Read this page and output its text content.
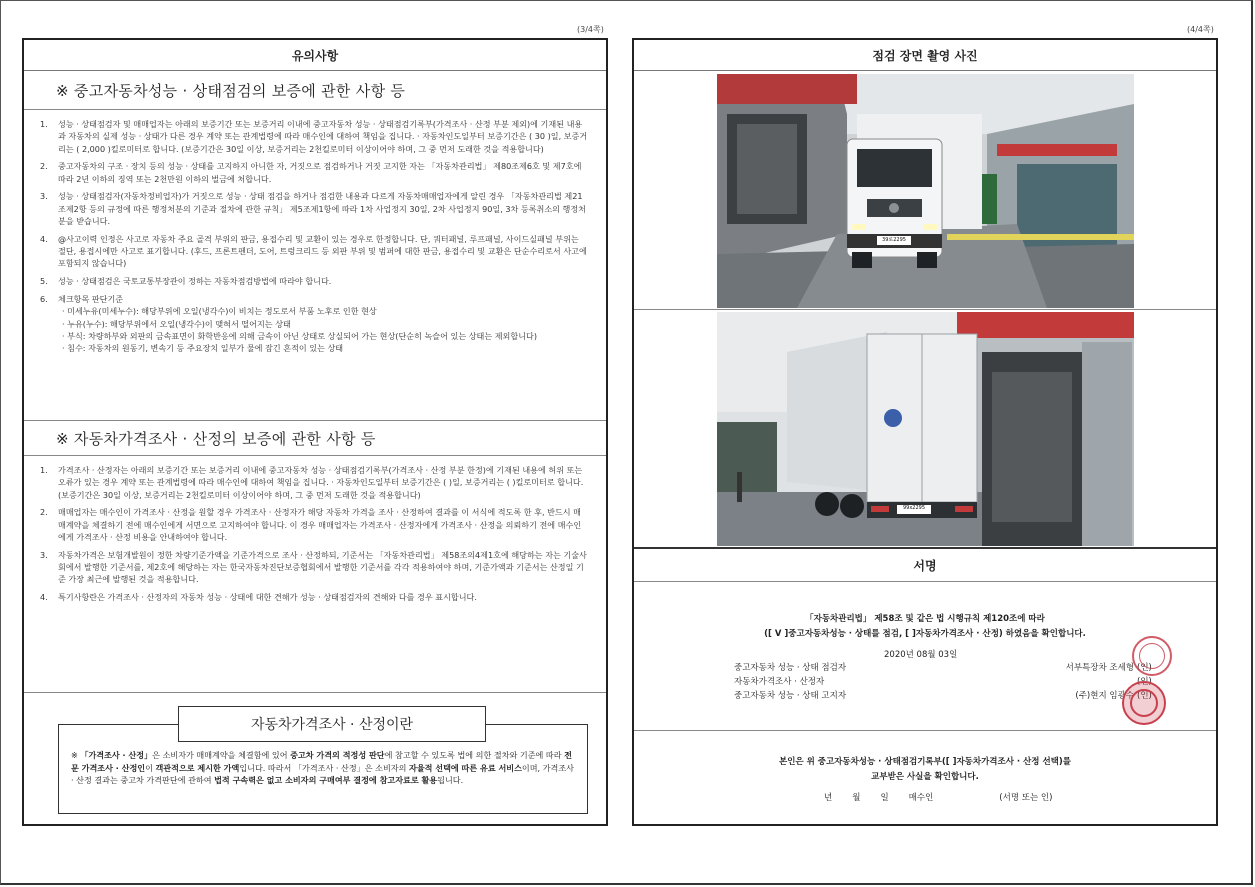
(3/4쪽)	(4/4쪽)
유의사항
※ 중고자동차성능 · 상태점검의 보증에 관한 사항 등
1.	성능 · 상태점검자 및 매매업자는 아래의 보증기간 또는 보증거리 이내에 중고자동차 성능 · 상태점검기록부(가격조사 · 산정 부분 제외)에 기재된 내용과 자동차의 실제 성능 · 상태가 다른 경우 계약 또는 관계법령에 따라 매수인에 대하여 책임을 집니다. · 자동차인도일부터 보증기간은 ( 30 )일, 보증거리는 ( 2,000 )킬로미터로 합니다. (보증기간은 30일 이상, 보증거리는 2천킬로미터 이상이어야 하며, 그 중 먼저 도래한 것을 적용합니다)
2.	중고자동차의 구조 · 장치 등의 성능 · 상태를 고지하지 아니한 자, 거짓으로 점검하거나 거짓 고지한 자는 「자동차관리법」 제80조제6호 및 제7호에 따라 2년 이하의 징역 또는 2천만원 이하의 벌금에 처합니다.
3.	성능 · 상태점검자(자동차정비업자)가 거짓으로 성능 · 상태 점검을 하거나 점검한 내용과 다르게 자동차매매업자에게 알린 경우 「자동차관리법 제21조제2항 등의 규정에 따른 행정처분의 기준과 절차에 관한 규칙」 제5조제1항에 따라 1차 사업정지 30일, 2차 사업정지 90일, 3차 등록취소의 행정처분을 받습니다.
4.	@사고이력 인정은 사고로 자동차 주요 골격 부위의 판금, 용접수리 및 교환이 있는 경우로 한정합니다. 단, 쿼터패널, 루프패널, 사이드실패널 부위는 절단, 용접시에만 사고로 표기합니다. (후드, 프론트펜더, 도어, 트렁크리드 등 외판 부위 및 범퍼에 대한 판금, 용접수리 및 교환은 단순수리로서 사고에 포함되지 않습니다)
5.	성능 · 상태점검은 국토교통부장관이 정하는 자동차점검방법에 따라야 합니다.
6.	체크항목 판단기준
· 미세누유(미세누수): 해당부위에 오일(냉각수)이 비치는 정도로서 부품 노후로 인한 현상
· 누유(누수): 해당부위에서 오일(냉각수)이 맺혀서 떨어지는 상태
· 부식: 차량하부와 외판의 금속표면이 화학반응에 의해 금속이 아닌 상태로 상실되어 가는 현상(단순히 녹슬어 있는 상태는 제외합니다)
· 침수: 자동차의 원동기, 변속기 등 주요장치 일부가 물에 잠긴 흔적이 있는 상태
※ 자동차가격조사 · 산정의 보증에 관한 사항 등
1.	가격조사 · 산정자는 아래의 보증기간 또는 보증거리 이내에 중고자동차 성능 · 상태점검기록부(가격조사 · 산정 부분 한정)에 기재된 내용에 허위 또는 오류가 있는 경우 계약 또는 관계법령에 따라 매수인에 대하여 책임을 집니다. · 자동차인도일부터 보증기간은 ( )일, 보증거리는 ( )킬로미터로 합니다. (보증기간은 30일 이상, 보증거리는 2천킬로미터 이상이어야 하며, 그 중 먼저 도래한 것을 적용합니다)
2.	매매업자는 매수인이 가격조사 · 산정을 원할 경우 가격조사 · 산정자가 해당 자동차 가격을 조사 · 산정하여 결과를 이 서식에 적도록 한 후, 반드시 매매계약을 체결하기 전에 매수인에게 서면으로 고지하여야 합니다. 이 경우 매매업자는 가격조사 · 산정자에게 가격조사 · 산정을 의뢰하기 전에 매수인에게 가격조사 · 산정 비용을 안내하여야 합니다.
3.	자동차가격은 보험개발원이 정한 차량기준가액을 기준가격으로 조사 · 산정하되, 기준서는 「자동차관리법」 제58조의4제1호에 해당하는 자는 기술사회에서 발행한 기준서를, 제2호에 해당하는 자는 한국자동차진단보증협회에서 발행한 기준서를 각각 적용하여야 하며, 기준가액과 기준서는 산정일 기준 가장 최근에 발행된 것을 적용합니다.
4.	특기사항란은 가격조사 · 산정자의 자동차 성능 · 상태에 대한 견해가 성능 · 상태점검자의 견해와 다를 경우 표시합니다.
※ 「가격조사 · 산정」은 소비자가 매매계약을 체결함에 있어 중고차 가격의 적정성 판단에 참고할 수 있도록 법에 의한 절차와 기준에 따라 전문 가격조사 · 산정인이 객관적으로 제시한 가액입니다. 따라서 「가격조사 · 산정」은 소비자의 자율적 선택에 따른 유료 서비스이며, 가격조사 · 산정 결과는 중고차 가격판단에 관하여 법적 구속력은 없고 소비자의 구매여부 결정에 참고자료로 활용됩니다.
자동차가격조사 · 산정이란
점검 장면 촬영 사진
39로2295
99x2295
서명
「자동차관리법」 제58조 및 같은 법 시행규칙 제120조에 따라
([ V ]중고자동차성능 · 상태를 점검, [ ]자동차가격조사 · 산정) 하였음을 확인합니다.
2020년 08월 03일
중고자동차 성능 · 상태 점검자	서부특장차 조세형 (인)
자동차가격조사 · 산정자	(인)
중고자동차 성능 · 상태 고지자	(주)현지 임광수 (인)
본인은 위 중고자동차성능 · 상태점검기록부([ ]자동차가격조사 · 산정 선택)를
교부받은 사실을 확인합니다.
년 월 일 매수인	(서명 또는 인)
